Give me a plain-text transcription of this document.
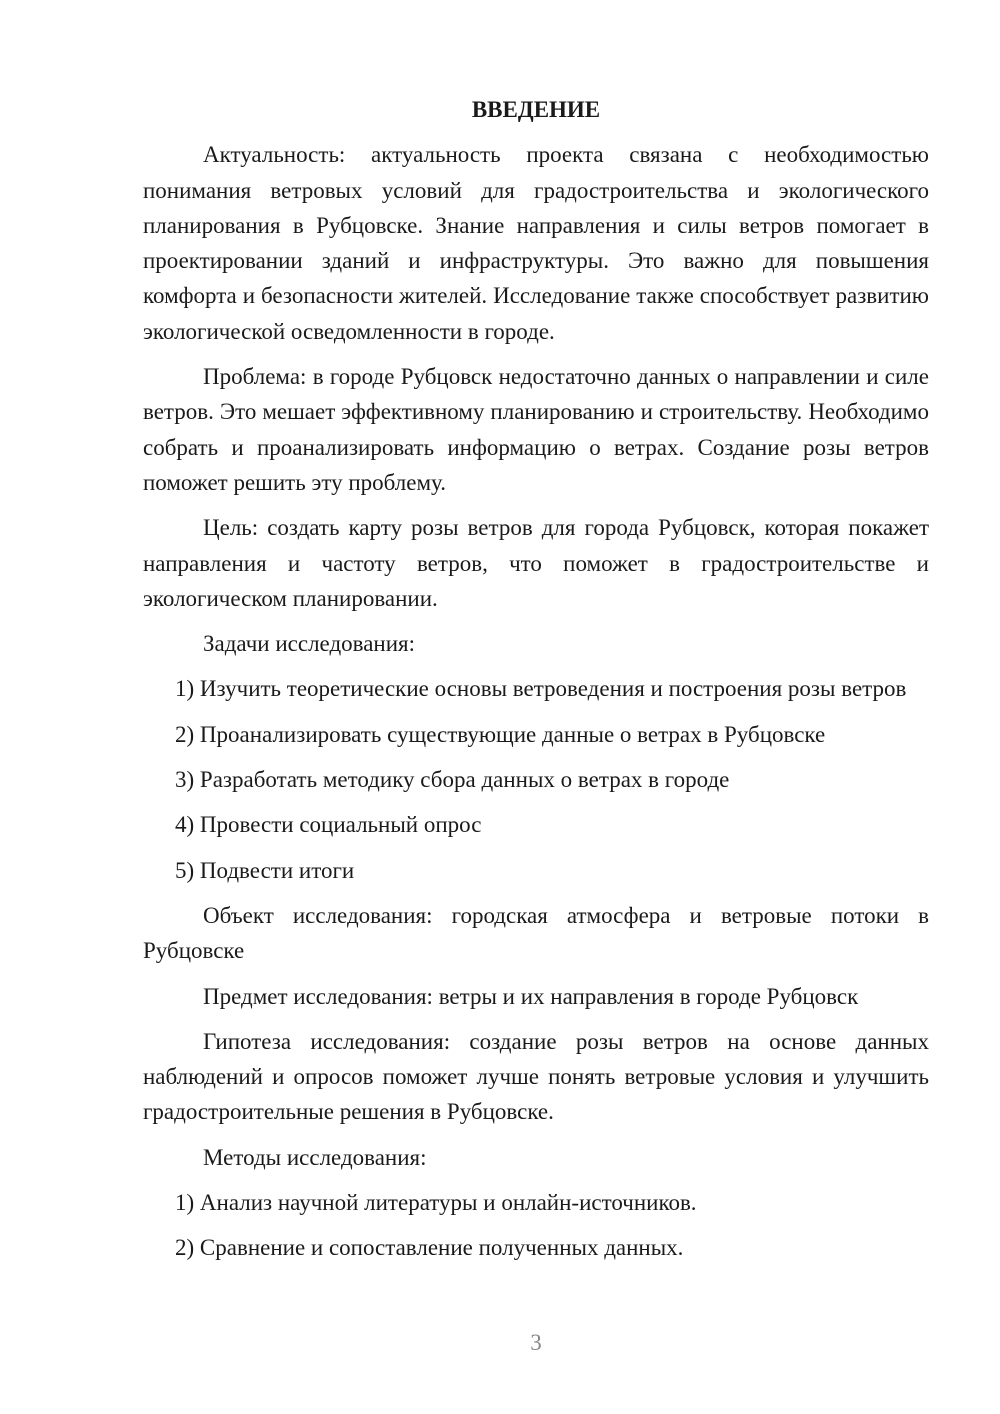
ВВЕДЕНИЕ

Актуальность: актуальность проекта связана с необходимостью понимания ветровых условий для градостроительства и экологического планирования в Рубцовске. Знание направления и силы ветров помогает в проектировании зданий и инфраструктуры. Это важно для повышения комфорта и безопасности жителей. Исследование также способствует развитию экологической осведомленности в городе.

Проблема: в городе Рубцовск недостаточно данных о направлении и силе ветров. Это мешает эффективному планированию и строительству. Необходимо собрать и проанализировать информацию о ветрах. Создание розы ветров поможет решить эту проблему.

Цель: создать карту розы ветров для города Рубцовск, которая покажет направления и частоту ветров, что поможет в градостроительстве и экологическом планировании.

Задачи исследования:

1) Изучить теоретические основы ветроведения и построения розы ветров

2) Проанализировать существующие данные о ветрах в Рубцовске

3) Разработать методику сбора данных о ветрах в городе

4) Провести социальный опрос

5) Подвести итоги

Объект исследования: городская атмосфера и ветровые потоки в Рубцовске

Предмет исследования: ветры и их направления в городе Рубцовск

Гипотеза исследования: создание розы ветров на основе данных наблюдений и опросов поможет лучше понять ветровые условия и улучшить градостроительные решения в Рубцовске.

Методы исследования:

1) Анализ научной литературы и онлайн-источников.

2) Сравнение и сопоставление полученных данных.

3
